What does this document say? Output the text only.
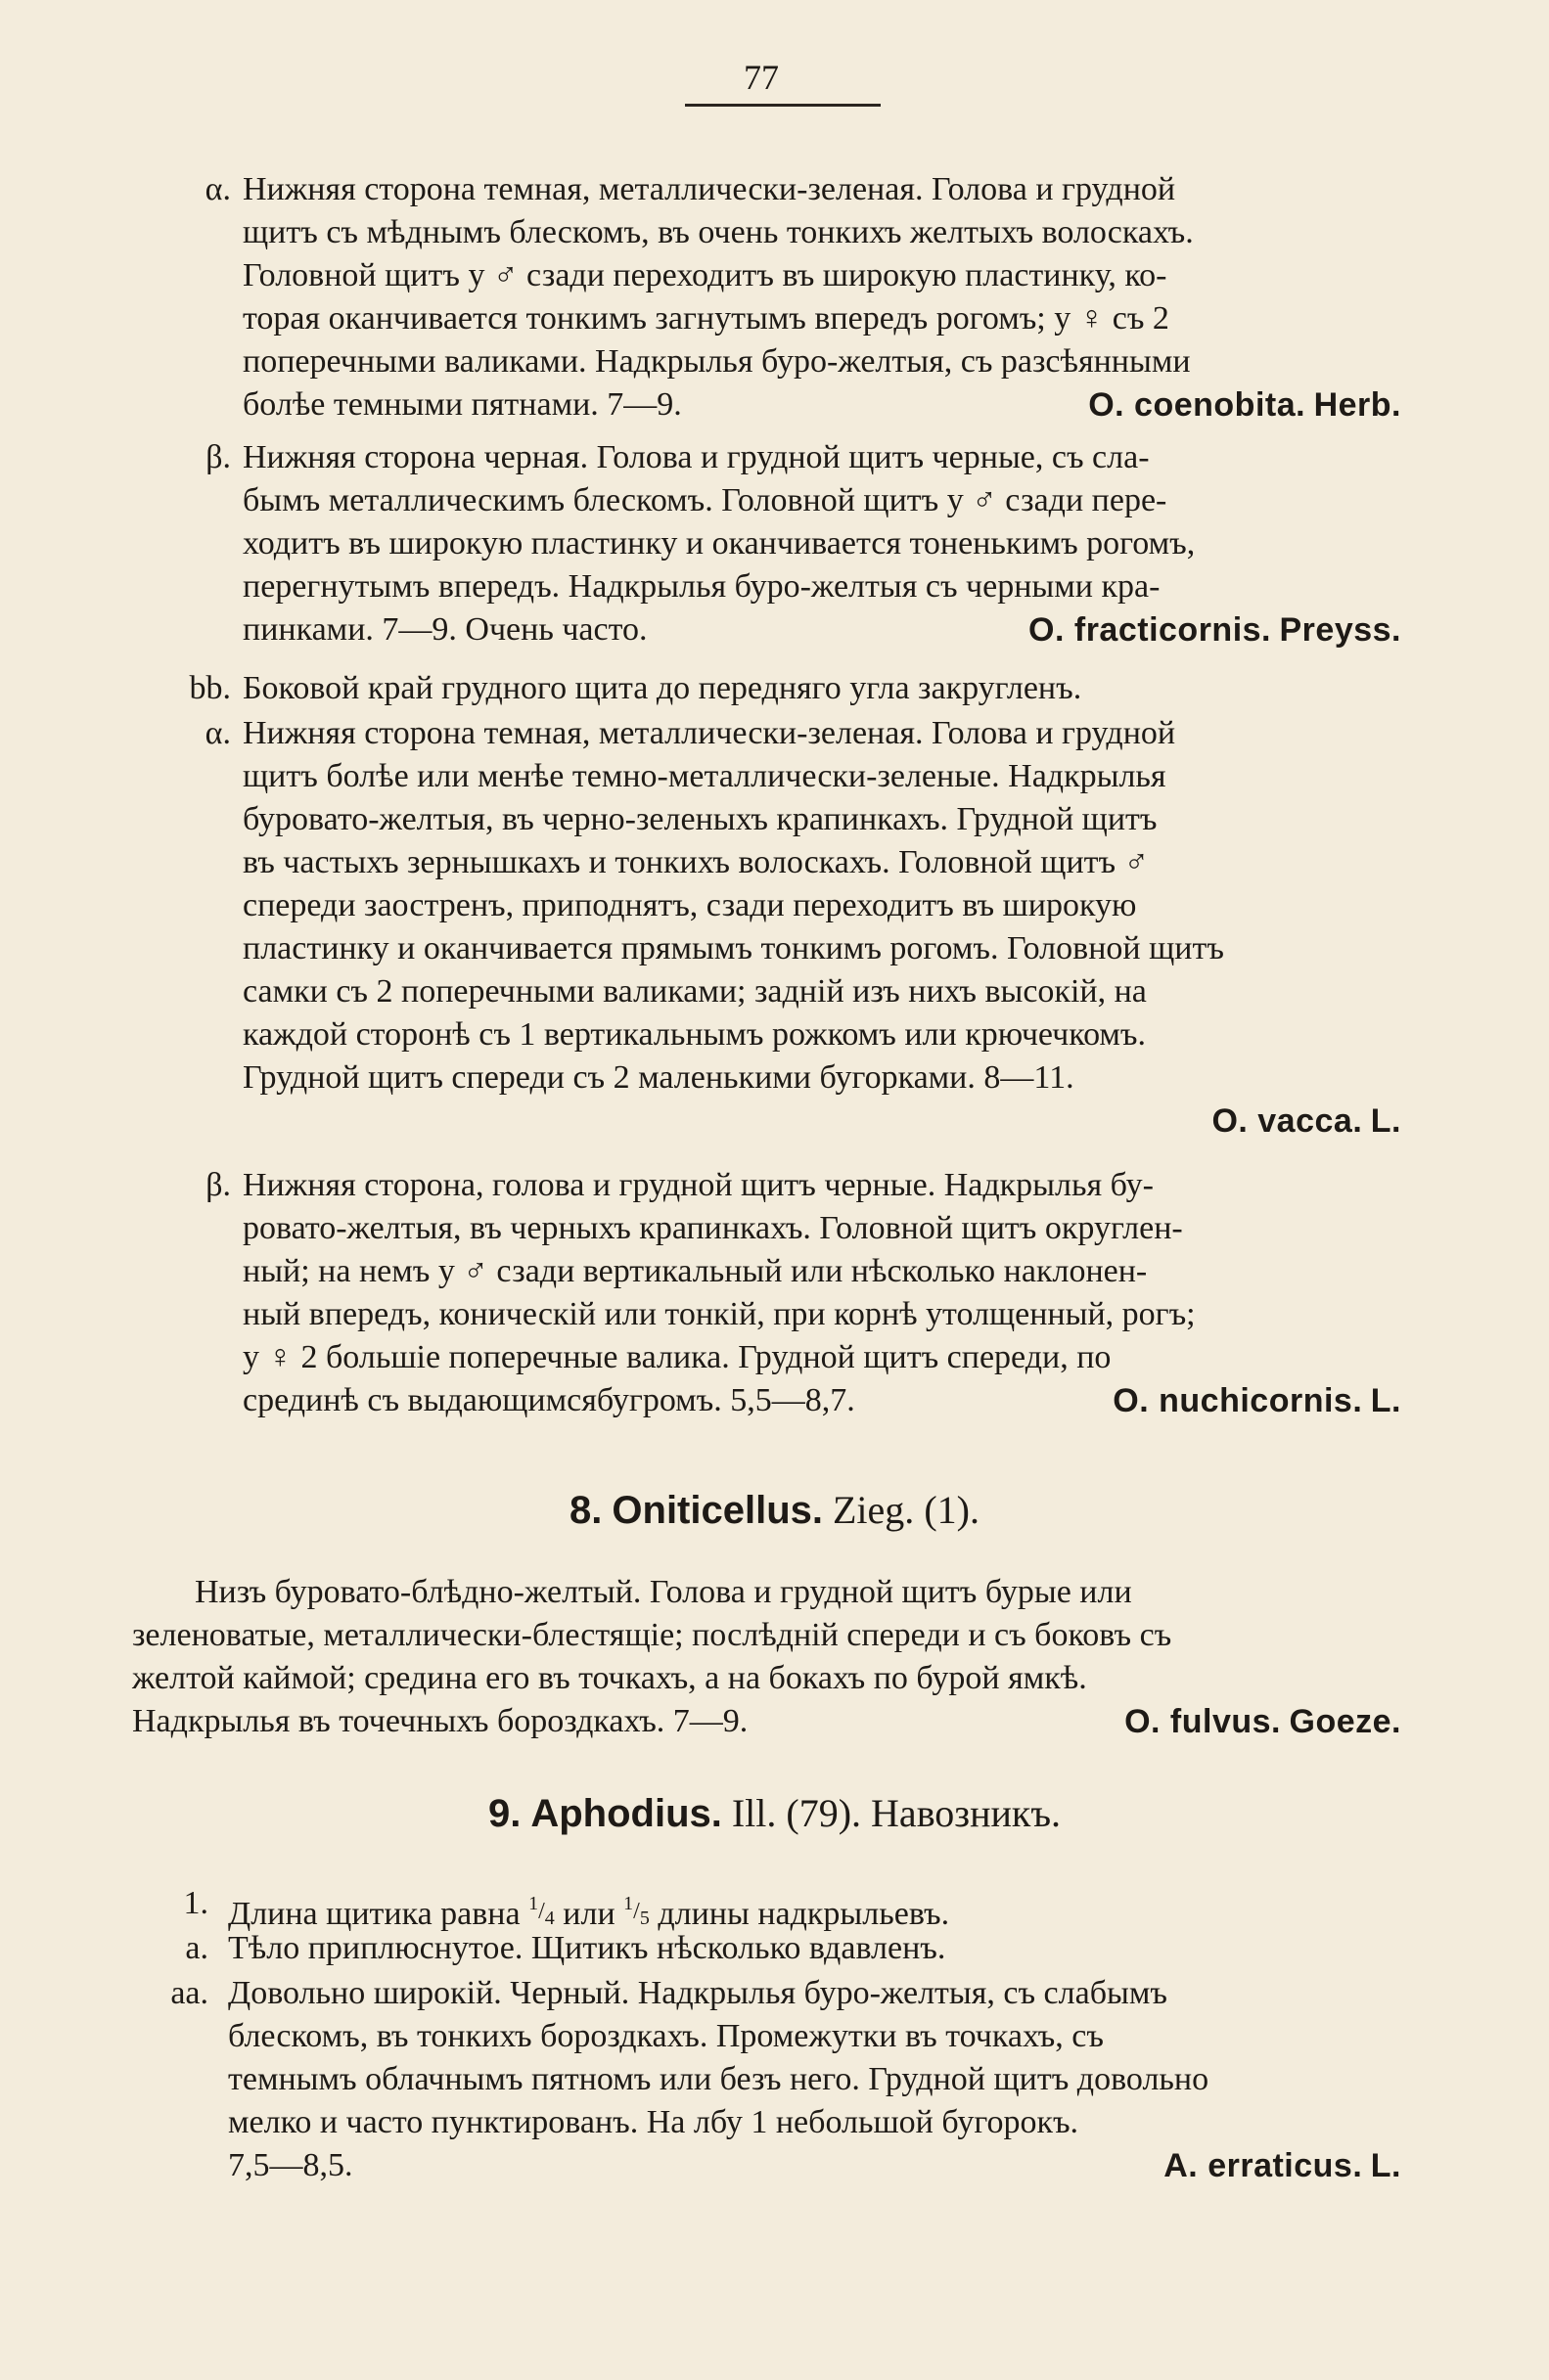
77
α. Нижняя сторона темная, металлически-зеленая. Голова и грудной
щитъ съ мѣднымъ блескомъ, въ очень тонкихъ желтыхъ волоскахъ.
Головной щитъ у ♂ сзади переходитъ въ широкую пластинку, ко-
торая оканчивается тонкимъ загнутымъ впередъ рогомъ; у ♀ съ 2
поперечными валиками. Надкрылья буро-желтыя, съ разсѣянными
болѣе темными пятнами. 7—9.	O. coenobita. Herb.
β. Нижняя сторона черная. Голова и грудной щитъ черные, съ сла-
бымъ металлическимъ блескомъ. Головной щитъ у ♂ сзади пере-
ходитъ въ широкую пластинку и оканчивается тоненькимъ рогомъ,
перегнутымъ впередъ. Надкрылья буро-желтыя съ черными кра-
пинками. 7—9. Очень часто.	O. fracticornis. Preyss.
bb. Боковой край грудного щита до передняго угла закругленъ.
α. Нижняя сторона темная, металлически-зеленая. Голова и грудной
щитъ болѣе или менѣе темно-металлически-зеленые. Надкрылья
буровато-желтыя, въ черно-зеленыхъ крапинкахъ. Грудной щитъ
въ частыхъ зернышкахъ и тонкихъ волоскахъ. Головной щитъ ♂
спереди заостренъ, приподнятъ, сзади переходитъ въ широкую
пластинку и оканчивается прямымъ тонкимъ рогомъ. Головной щитъ
самки съ 2 поперечными валиками; заднiй изъ нихъ высокiй, на
каждой сторонѣ съ 1 вертикальнымъ рожкомъ или крючечкомъ.
Грудной щитъ спереди съ 2 маленькими бугорками. 8—11.
O. vacca. L.
β. Нижняя сторона, голова и грудной щитъ черные. Надкрылья бу-
ровато-желтыя, въ черныхъ крапинкахъ. Головной щитъ округлен-
ный; на немъ у ♂ сзади вертикальный или нѣсколько наклонен-
ный впередъ, коническiй или тонкiй, при корнѣ утолщенный, рогъ;
у ♀ 2 большiе поперечные валика. Грудной щитъ спереди, по
срединѣ съ выдающимсябугромъ. 5,5—8,7.	O. nuchicornis. L.
8. Oniticellus. Zieg. (1).
Низъ буровато-блѣдно-желтый. Голова и грудной щитъ бурые или
зеленоватые, металлически-блестящiе; послѣднiй спереди и съ боковъ съ
желтой каймой; средина его въ точкахъ, а на бокахъ по бурой ямкѣ.
Надкрылья въ точечныхъ бороздкахъ. 7—9.	O. fulvus. Goeze.
9. Aphodius. Ill. (79). Навозникъ.
1. Длина щитика равна $^1/_4$ или $^1/_5$ длины надкрыльевъ.
a. Тѣло приплюснутое. Щитикъ нѣсколько вдавленъ.
aa. Довольно широкiй. Черный. Надкрылья буро-желтыя, съ слабымъ
блескомъ, въ тонкихъ бороздкахъ. Промежутки въ точкахъ, съ
темнымъ облачнымъ пятномъ или безъ него. Грудной щитъ довольно
мелко и часто пунктированъ. На лбу 1 небольшой бугорокъ.
7,5—8,5.	A. erraticus. L.
